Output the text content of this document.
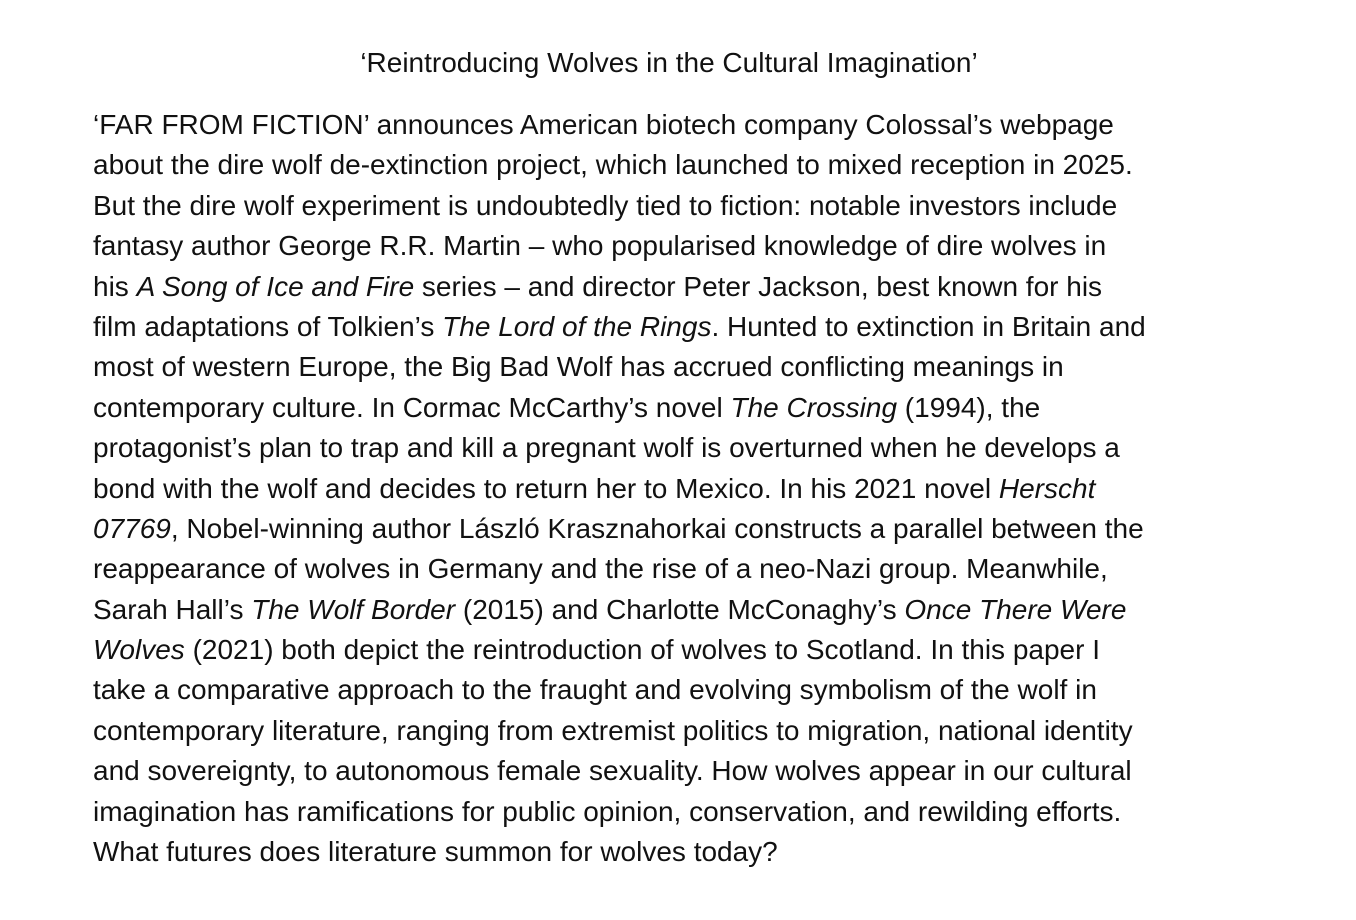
‘Reintroducing Wolves in the Cultural Imagination’
‘FAR FROM FICTION’ announces American biotech company Colossal’s webpage
about the dire wolf de-extinction project, which launched to mixed reception in 2025.
But the dire wolf experiment is undoubtedly tied to fiction: notable investors include
fantasy author George R.R. Martin – who popularised knowledge of dire wolves in
his A Song of Ice and Fire series – and director Peter Jackson, best known for his
film adaptations of Tolkien’s The Lord of the Rings. Hunted to extinction in Britain and
most of western Europe, the Big Bad Wolf has accrued conflicting meanings in
contemporary culture. In Cormac McCarthy’s novel The Crossing (1994), the
protagonist’s plan to trap and kill a pregnant wolf is overturned when he develops a
bond with the wolf and decides to return her to Mexico. In his 2021 novel Herscht
07769, Nobel-winning author László Krasznahorkai constructs a parallel between the
reappearance of wolves in Germany and the rise of a neo-Nazi group. Meanwhile,
Sarah Hall’s The Wolf Border (2015) and Charlotte McConaghy’s Once There Were
Wolves (2021) both depict the reintroduction of wolves to Scotland. In this paper I
take a comparative approach to the fraught and evolving symbolism of the wolf in
contemporary literature, ranging from extremist politics to migration, national identity
and sovereignty, to autonomous female sexuality. How wolves appear in our cultural
imagination has ramifications for public opinion, conservation, and rewilding efforts.
What futures does literature summon for wolves today?
